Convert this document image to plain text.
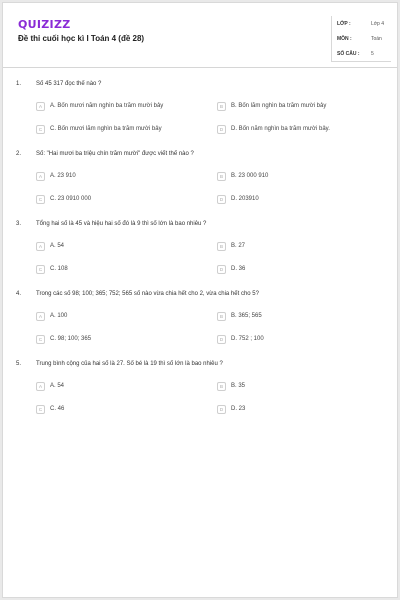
QUIZIZZ
Đề thi cuối học kì I Toán 4 (đề 28)
LỚP :	Lớp 4
MÔN :	Toán
SỐ CÂU : 5
1. Số 45 317 đọc thế nào ?
A	A. Bốn mươi năm nghìn ba trăm mười bảy	B	B. Bốn lăm nghìn ba trăm mười bảy
C	C. Bốn mươi lăm nghìn ba trăm mười bảy	D	D. Bốn năm nghìn ba trăm mười bảy.
2. Số: "Hai mươi ba triệu chín trăm mười" được viết thế nào ?
A	A. 23 910	B	B. 23 000 910
C	C. 23 0910 000	D	D. 203910
3. Tổng hai số là 45 và hiệu hai số đó là 9 thì số lớn là bao nhiêu ?
A	A. 54	B	B. 27
C	C. 108	D	D. 36
4. Trong các số 98; 100; 365; 752; 565 số nào vừa chia hết cho 2, vừa chia hết cho 5?
A	A. 100	B	B. 365; 565
C	C. 98; 100; 365	D	D. 752 ; 100
5. Trung bình cộng của hai số là 27. Số bé là 19 thì số lớn là bao nhiêu ?
A	A. 54	B	B. 35
C	C. 46	D	D. 23
